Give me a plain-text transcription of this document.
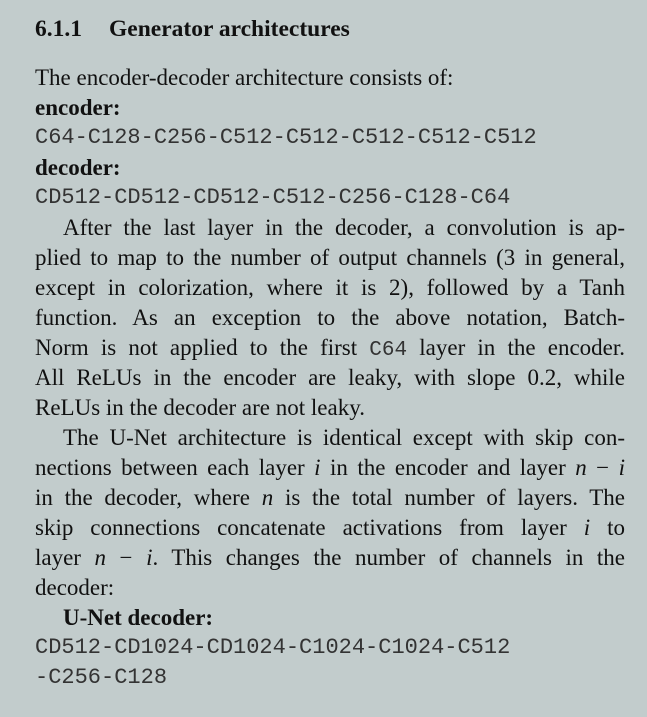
6.1.1 Generator architectures
The encoder-decoder architecture consists of:
encoder:
C64-C128-C256-C512-C512-C512-C512-C512
decoder:
CD512-CD512-CD512-C512-C256-C128-C64
After the last layer in the decoder, a convolution is ap-
plied to map to the number of output channels (3 in general,
except in colorization, where it is 2), followed by a Tanh
function. As an exception to the above notation, Batch-
Norm is not applied to the first C64 layer in the encoder.
All ReLUs in the encoder are leaky, with slope 0.2, while
ReLUs in the decoder are not leaky.
The U-Net architecture is identical except with skip con-
nections between each layer i in the encoder and layer n − i
in the decoder, where n is the total number of layers. The
skip connections concatenate activations from layer i to
layer n − i. This changes the number of channels in the
decoder:
U-Net decoder:
CD512-CD1024-CD1024-C1024-C1024-C512
-C256-C128
